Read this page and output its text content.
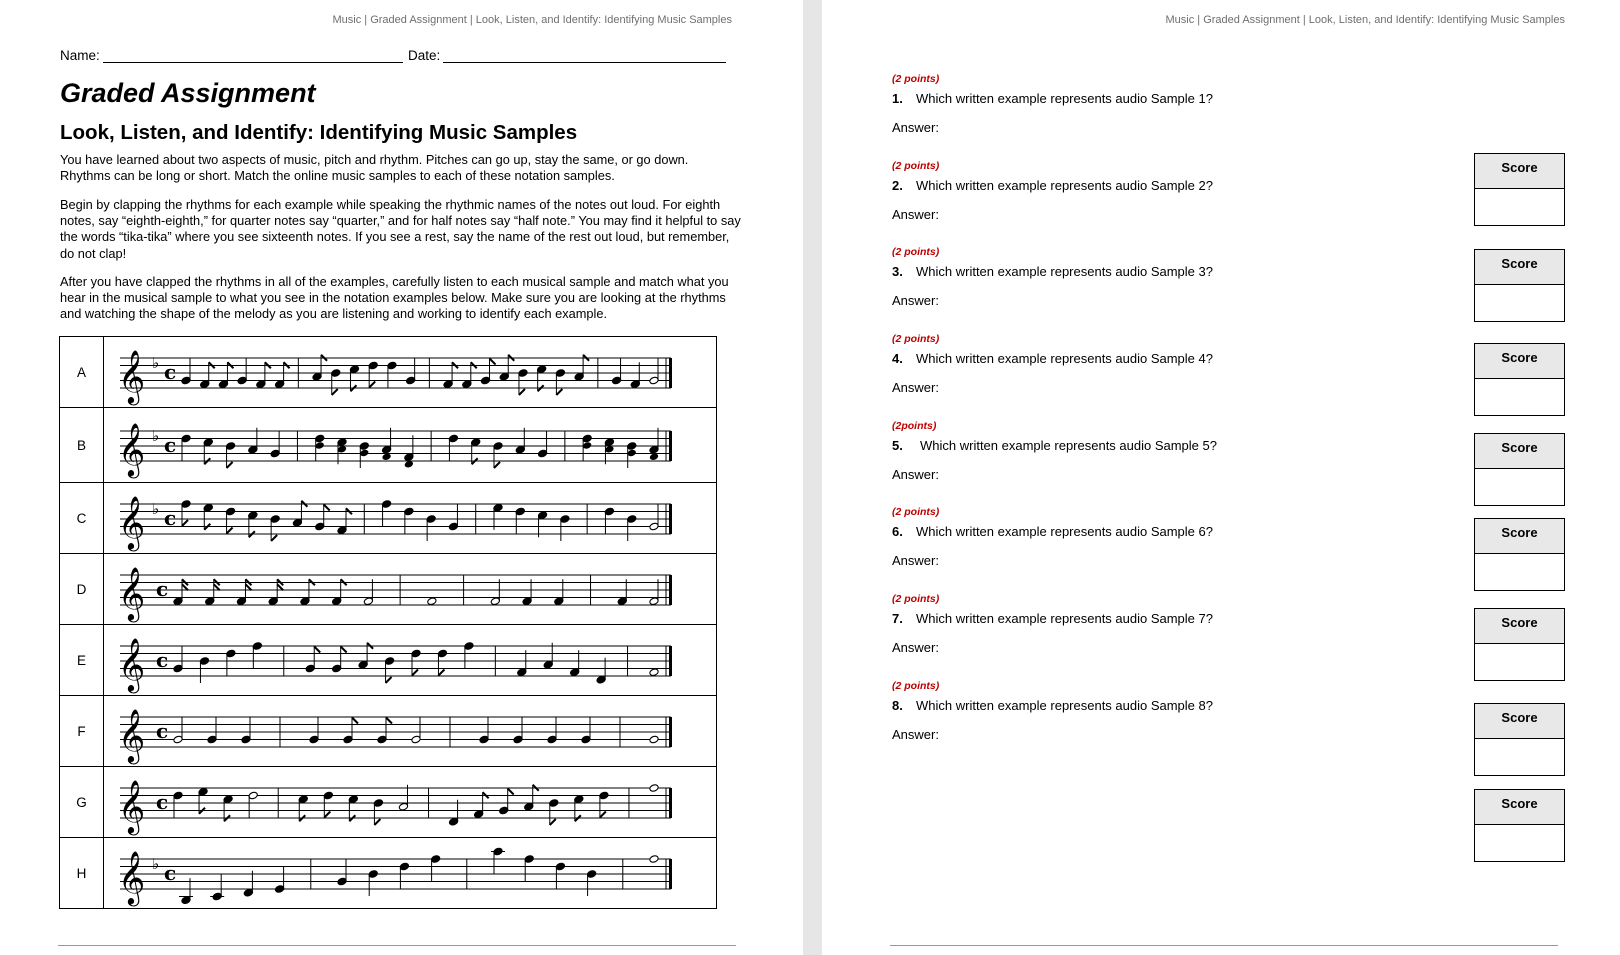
Music | Graded Assignment | Look, Listen, and Identify: Identifying Music Samples
Name:	Date:
Graded Assignment
Look, Listen, and Identify: Identifying Music Samples

You have learned about two aspects of music, pitch and rhythm. Pitches can go up, stay the same, or go down. Rhythms can be long or short. Match the online music samples to each of these notation samples.

Begin by clapping the rhythms for each example while speaking the rhythmic names of the notes out loud. For eighth notes, say “eighth-eighth,” for quarter notes say “quarter,” and for half notes say “half note.” You may find it helpful to say the words “tika-tika” where you see sixteenth notes. If you see a rest, say the name of the rest out loud, but remember, do not clap!

After you have clapped the rhythms in all of the examples, carefully listen to each musical sample and match what you hear in the musical sample to what you see in the notation examples below. Make sure you are looking at the rhythms and watching the shape of the melody as you are listening and working to identify each example.

A	𝄞 ♭ c

B	𝄞 ♭ c

C	𝄞 ♭ c

D	𝄞 c

E	𝄞 c

F	𝄞 c

G	𝄞 c

H	𝄞 ♭ c
Music | Graded Assignment | Look, Listen, and Identify: Identifying Music Samples
(2 points)
1. Which written example represents audio Sample 1?
Answer:
(2 points)
2. Which written example represents audio Sample 2?
Answer:
(2 points)
3. Which written example represents audio Sample 3?
Answer:
(2 points)
4. Which written example represents audio Sample 4?
Answer:
(2points)
5. Which written example represents audio Sample 5?
Answer:
(2 points)
6. Which written example represents audio Sample 6?
Answer:
(2 points)
7. Which written example represents audio Sample 7?
Answer:
(2 points)
8. Which written example represents audio Sample 8?
Answer:
Score
Score
Score
Score
Score
Score
Score
Score
